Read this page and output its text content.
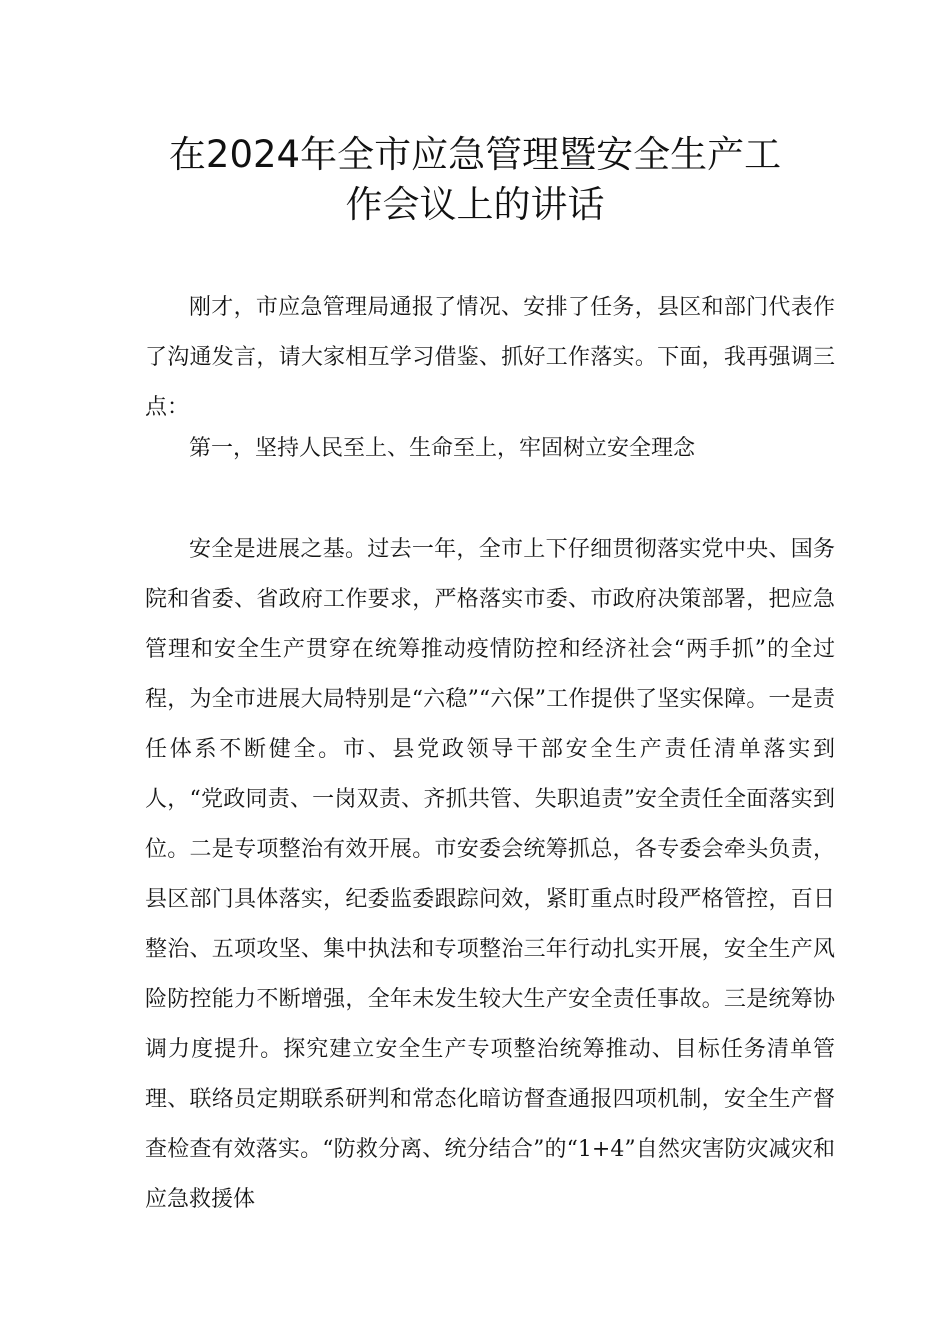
在2024年全市应急管理暨安全生产工
作会议上的讲话

刚才，市应急管理局通报了情况、安排了任务，县区和部门代表作了沟通发言，请大家相互学习借鉴、抓好工作落实。下面，我再强调三点：

第一，坚持人民至上、生命至上，牢固树立安全理念

安全是进展之基。过去一年，全市上下仔细贯彻落实党中央、国务院和省委、省政府工作要求，严格落实市委、市政府决策部署，把应急管理和安全生产贯穿在统筹推动疫情防控和经济社会“两手抓”的全过程，为全市进展大局特别是“六稳”“六保”工作提供了坚实保障。一是责任体系不断健全。市、县党政领导干部安全生产责任清单落实到人，“党政同责、一岗双责、齐抓共管、失职追责”安全责任全面落实到位。二是专项整治有效开展。市安委会统筹抓总，各专委会牵头负责，县区部门具体落实，纪委监委跟踪问效，紧盯重点时段严格管控，百日整治、五项攻坚、集中执法和专项整治三年行动扎实开展，安全生产风险防控能力不断增强，全年未发生较大生产安全责任事故。三是统筹协调力度提升。探究建立安全生产专项整治统筹推动、目标任务清单管理、联络员定期联系研判和常态化暗访督查通报四项机制，安全生产督查检查有效落实。“防救分离、统分结合”的“1+4”自然灾害防灾减灾和应急救援体
